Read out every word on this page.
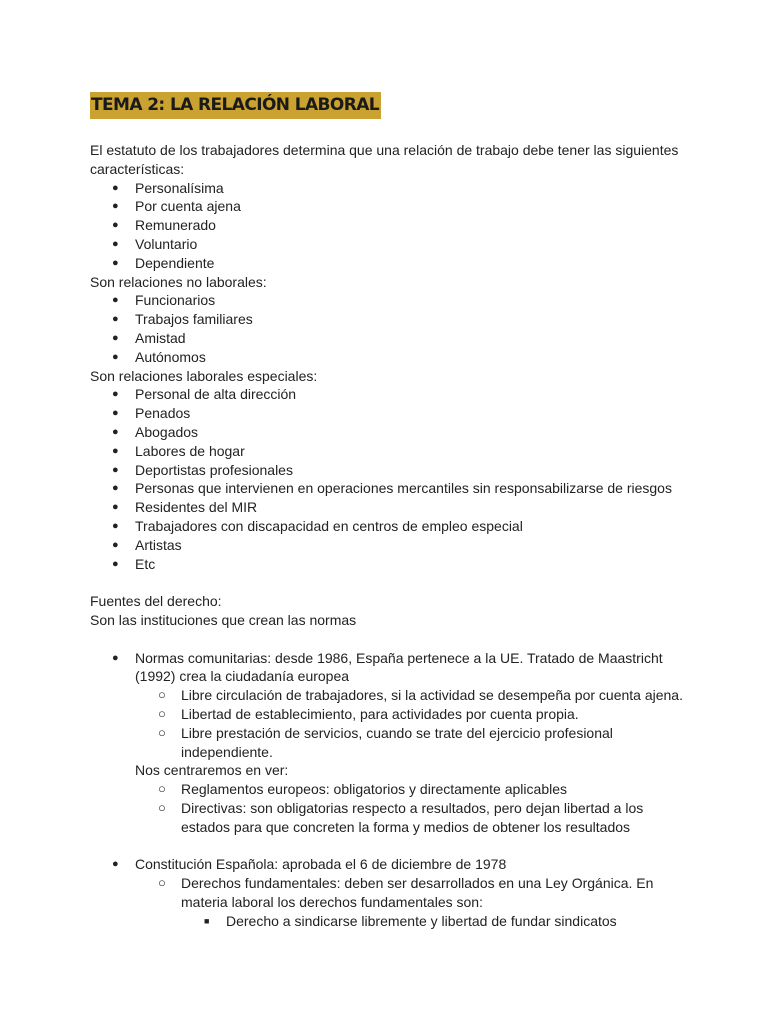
TEMA 2: LA RELACIÓN LABORAL

El estatuto de los trabajadores determina que una relación de trabajo debe tener las siguientes características:

● Personalísima
● Por cuenta ajena
● Remunerado
● Voluntario
● Dependiente

Son relaciones no laborales:

● Funcionarios
● Trabajos familiares
● Amistad
● Autónomos

Son relaciones laborales especiales:

● Personal de alta dirección
● Penados
● Abogados
● Labores de hogar
● Deportistas profesionales
● Personas que intervienen en operaciones mercantiles sin responsabilizarse de riesgos
● Residentes del MIR
● Trabajadores con discapacidad en centros de empleo especial
● Artistas
● Etc

Fuentes del derecho:

Son las instituciones que crean las normas

● Normas comunitarias: desde 1986, España pertenece a la UE. Tratado de Maastricht (1992) crea la ciudadanía europea
○ Libre circulación de trabajadores, si la actividad se desempeña por cuenta ajena.
○ Libertad de establecimiento, para actividades por cuenta propia.
○ Libre prestación de servicios, cuando se trate del ejercicio profesional independiente.

Nos centraremos en ver:

○ Reglamentos europeos: obligatorios y directamente aplicables
○ Directivas: son obligatorias respecto a resultados, pero dejan libertad a los estados para que concreten la forma y medios de obtener los resultados
● Constitución Española: aprobada el 6 de diciembre de 1978
○ Derechos fundamentales: deben ser desarrollados en una Ley Orgánica. En materia laboral los derechos fundamentales son:
■ Derecho a sindicarse libremente y libertad de fundar sindicatos
